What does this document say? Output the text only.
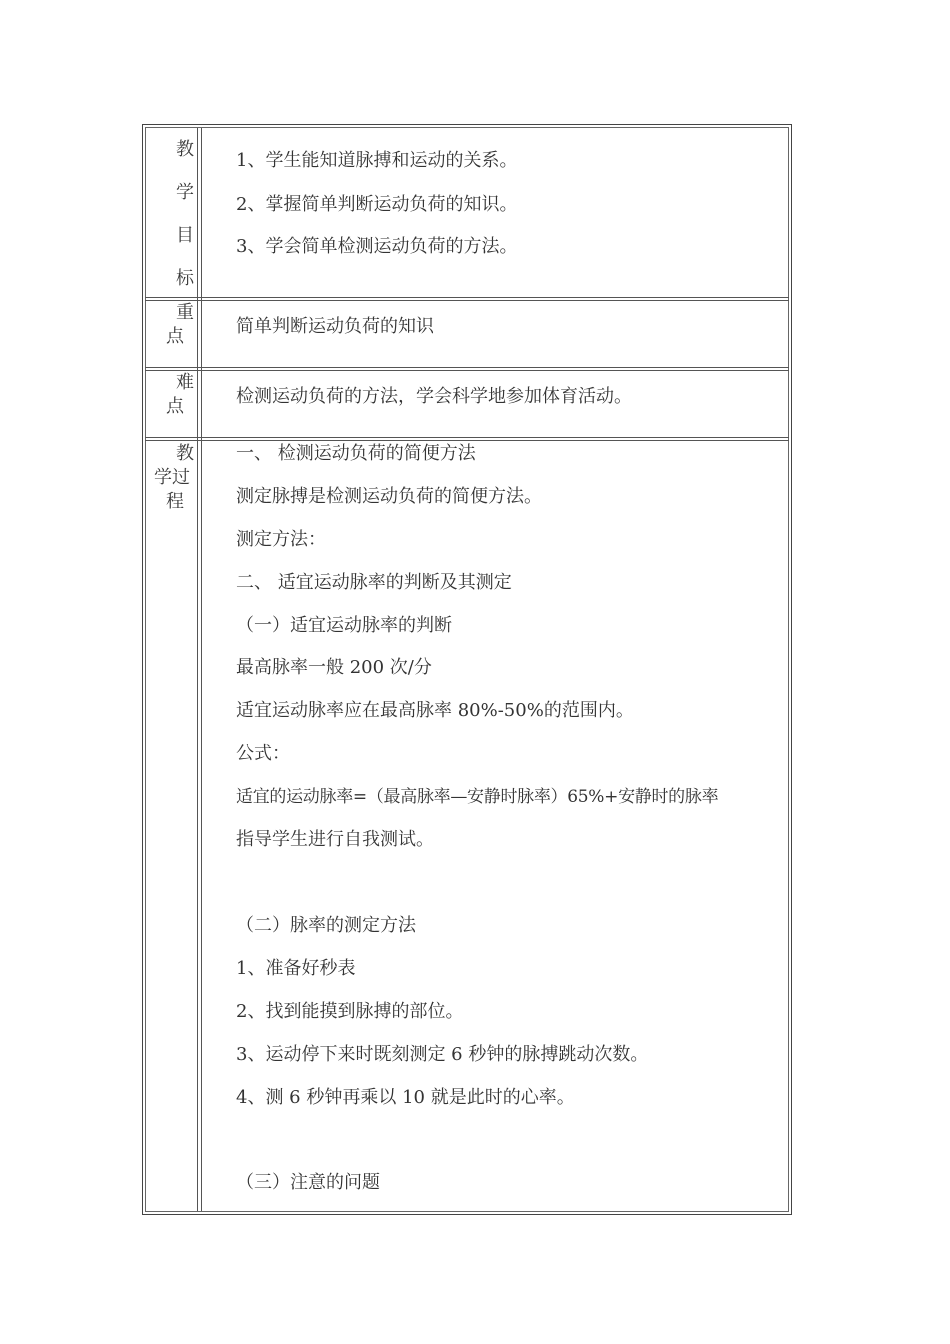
教
学
目
标
1、学生能知道脉搏和运动的关系。
2、掌握简单判断运动负荷的知识。
3、学会简单检测运动负荷的方法。
重
点	简单判断运动负荷的知识
难
点	检测运动负荷的方法，学会科学地参加体育活动。
教
学过
程
一、 检测运动负荷的简便方法
测定脉搏是检测运动负荷的简便方法。
测定方法：
二、 适宜运动脉率的判断及其测定
（一）适宜运动脉率的判断
最高脉率一般 200 次/分
适宜运动脉率应在最高脉率 80%-50%的范围内。
公式：
适宜的运动脉率=（最高脉率—安静时脉率）65%+安静时的脉率
指导学生进行自我测试。
（二）脉率的测定方法
1、准备好秒表
2、找到能摸到脉搏的部位。
3、运动停下来时既刻测定 6 秒钟的脉搏跳动次数。
4、测 6 秒钟再乘以 10 就是此时的心率。
（三）注意的问题
